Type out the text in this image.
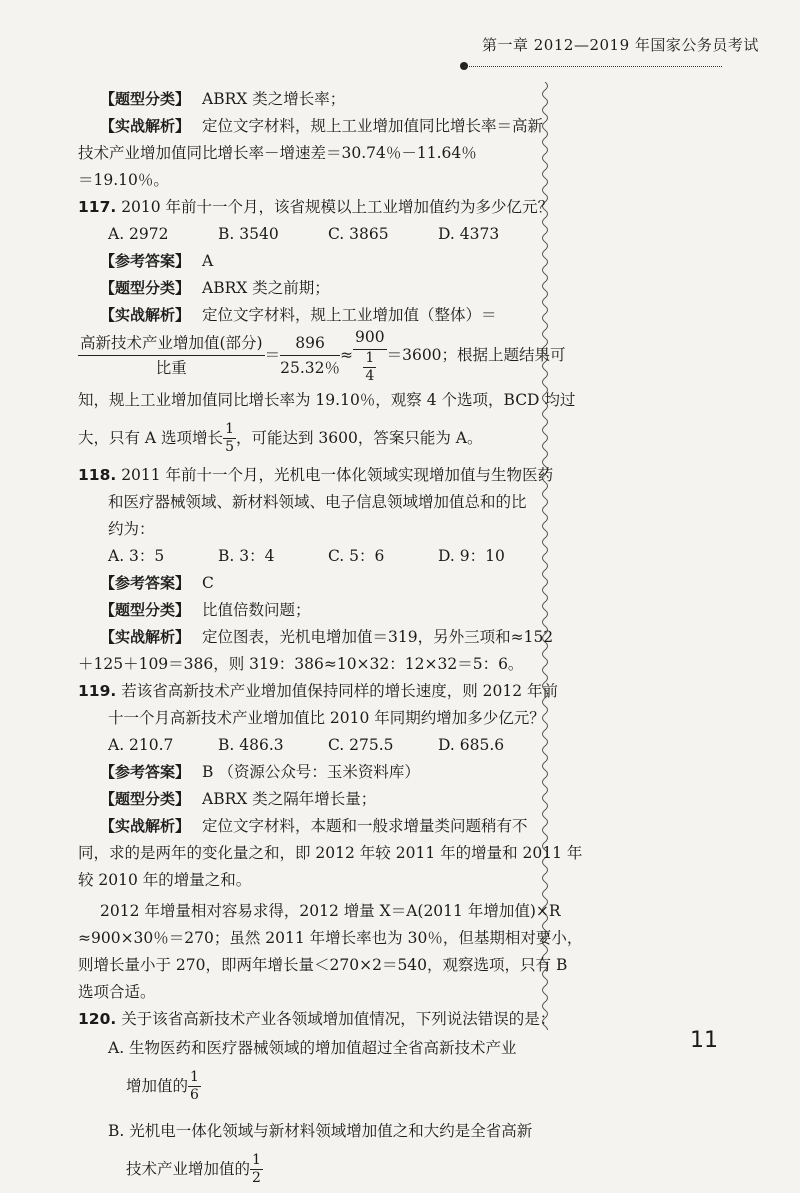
第一章 2012—2019 年国家公务员考试
【题型分类】 ABRX 类之增长率；
【实战解析】 定位文字材料，规上工业增加值同比增长率＝高新
技术产业增加值同比增长率－增速差＝30.74％－11.64％
＝19.10％。
117. 2010 年前十一个月，该省规模以上工业增加值约为多少亿元？
A. 2972	B. 3540	C. 3865	D. 4373
【参考答案】 A
【题型分类】 ABRX 类之前期；
【实战解析】 定位文字材料，规上工业增加值（整体）＝
高新技术产业增加值(部分)
比重
＝ $\frac{896}{25.32\%} \approx \frac{900}{\frac{1}{4}} =3600$；根据上题结果可
知，规上工业增加值同比增长率为 19.10％，观察 4 个选项，BCD 均过
大，只有 A 选项增长 $\frac{1}{5}$ ，可能达到 3600，答案只能为 A。
118. 2011 年前十一个月，光机电一体化领域实现增加值与生物医药
和医疗器械领域、新材料领域、电子信息领域增加值总和的比
约为：
A. 3：5	B. 3：4	C. 5：6	D. 9：10
【参考答案】 C
【题型分类】 比值倍数问题；
【实战解析】 定位图表，光机电增加值＝319，另外三项和≈152
＋125＋109＝386，则 319：386≈10×32：12×32＝5：6。
119. 若该省高新技术产业增加值保持同样的增长速度，则 2012 年前
十一个月高新技术产业增加值比 2010 年同期约增加多少亿元？
A. 210.7	B. 486.3	C. 275.5	D. 685.6
【参考答案】 B （资源公众号：玉米资料库）
【题型分类】 ABRX 类之隔年增长量；
【实战解析】 定位文字材料，本题和一般求增量类问题稍有不
同，求的是两年的变化量之和，即 2012 年较 2011 年的增量和 2011 年
较 2010 年的增量之和。
2012 年增量相对容易求得，2012 增量 X＝A(2011 年增加值)×R
≈900×30％＝270；虽然 2011 年增长率也为 30％，但基期相对要小，
则增长量小于 270，即两年增长量＜270×2＝540，观察选项，只有 B
选项合适。
120. 关于该省高新技术产业各领域增加值情况，下列说法错误的是：
A. 生物医药和医疗器械领域的增加值超过全省高新技术产业
增加值的 $\frac{1}{6}$
B. 光机电一体化领域与新材料领域增加值之和大约是全省高新
技术产业增加值的 $\frac{1}{2}$
11
